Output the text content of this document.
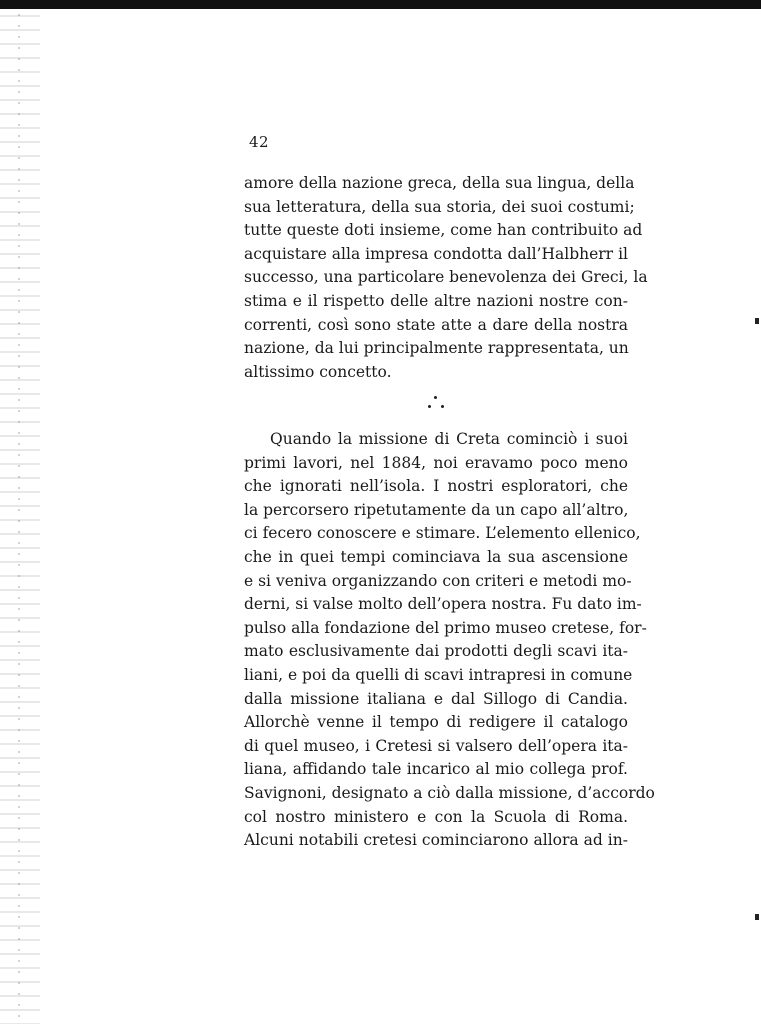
42
amore della nazione greca, della sua lingua, della
sua letteratura, della sua storia, dei suoi costumi;
tutte queste doti insieme, come han contribuito ad
acquistare alla impresa condotta dall’Halbherr il
successo, una particolare benevolenza dei Greci, la
stima e il rispetto delle altre nazioni nostre con-
correnti, così sono state atte a dare della nostra
nazione, da lui principalmente rappresentata, un
altissimo concetto.
Quando la missione di Creta cominciò i suoi
primi lavori, nel 1884, noi eravamo poco meno
che ignorati nell’isola. I nostri esploratori, che
la percorsero ripetutamente da un capo all’altro,
ci fecero conoscere e stimare. L’elemento ellenico,
che in quei tempi cominciava la sua ascensione
e si veniva organizzando con criteri e metodi mo-
derni, si valse molto dell’opera nostra. Fu dato im-
pulso alla fondazione del primo museo cretese, for-
mato esclusivamente dai prodotti degli scavi ita-
liani, e poi da quelli di scavi intrapresi in comune
dalla missione italiana e dal Sillogo di Candia.
Allorchè venne il tempo di redigere il catalogo
di quel museo, i Cretesi si valsero dell’opera ita-
liana, affidando tale incarico al mio collega prof.
Savignoni, designato a ciò dalla missione, d’accordo
col nostro ministero e con la Scuola di Roma.
Alcuni notabili cretesi cominciarono allora ad in-
